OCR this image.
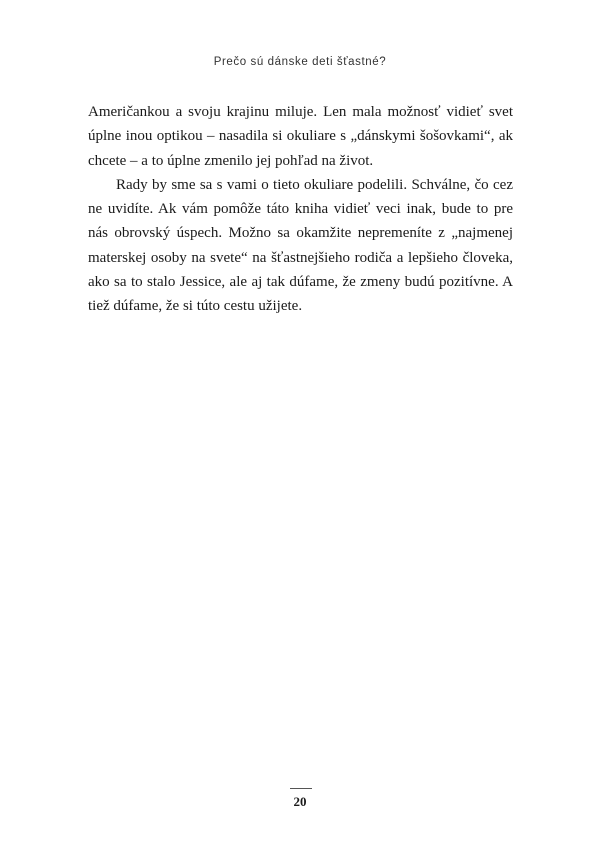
Prečo sú dánske deti šťastné?

Američankou a svoju krajinu miluje. Len mala možnosť vidieť svet úplne inou optikou – nasadila si okuliare s „dánskymi šošovkami“, ak chcete – a to úplne zmenilo jej pohľad na život.

Rady by sme sa s vami o tieto okuliare podelili. Schválne, čo cez ne uvidíte. Ak vám pomôže táto kniha vidieť veci inak, bude to pre nás obrovský úspech. Možno sa okamžite nepremeníte z „najmenej materskej osoby na svete“ na šťastnejšieho rodiča a lepšieho človeka, ako sa to stalo Jessice, ale aj tak dúfame, že zmeny budú pozitívne. A tiež dúfame, že si túto cestu užijete.

20
